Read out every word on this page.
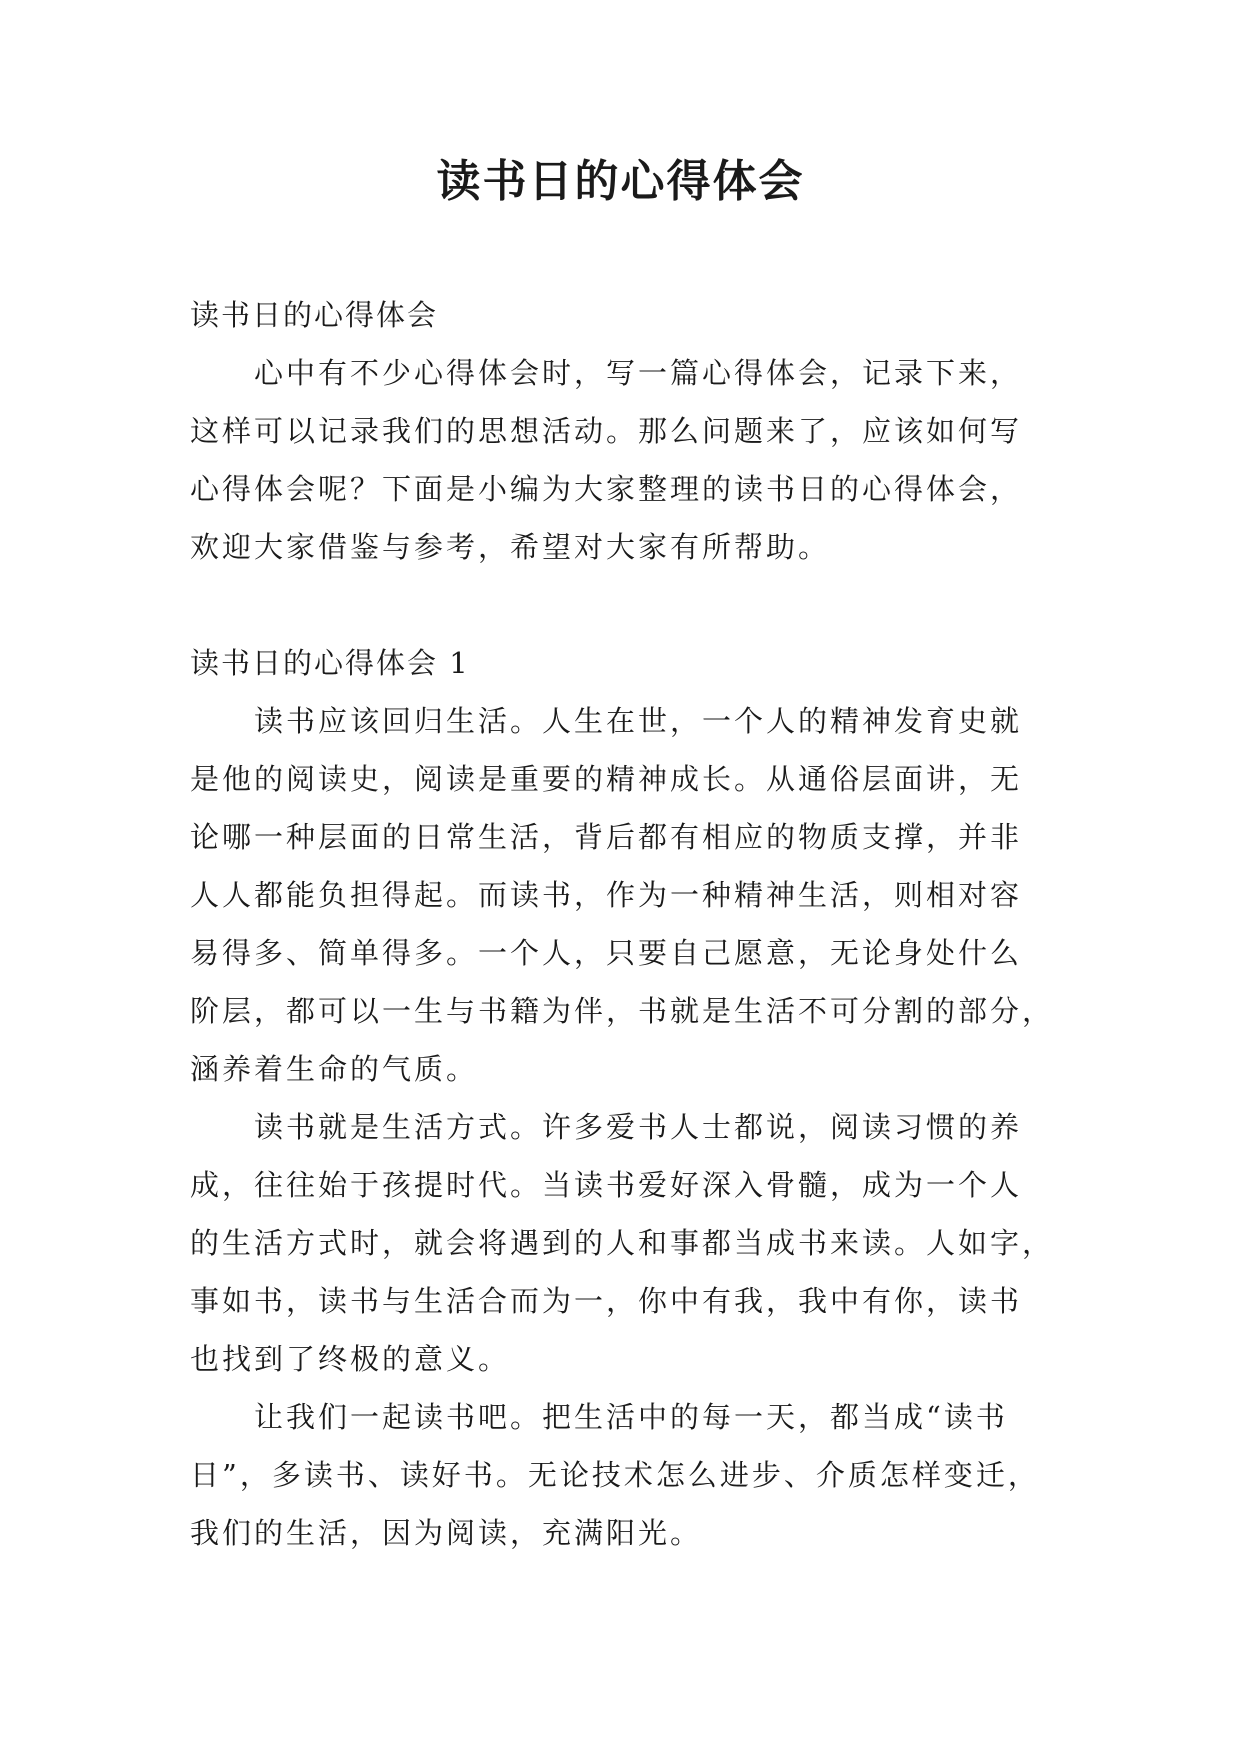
读书日的心得体会
读书日的心得体会
心中有不少心得体会时，写一篇心得体会，记录下来，
这样可以记录我们的思想活动。那么问题来了，应该如何写
心得体会呢？下面是小编为大家整理的读书日的心得体会，
欢迎大家借鉴与参考，希望对大家有所帮助。
读书日的心得体会 1
读书应该回归生活。人生在世，一个人的精神发育史就
是他的阅读史，阅读是重要的精神成长。从通俗层面讲，无
论哪一种层面的日常生活，背后都有相应的物质支撑，并非
人人都能负担得起。而读书，作为一种精神生活，则相对容
易得多、简单得多。一个人，只要自己愿意，无论身处什么
阶层，都可以一生与书籍为伴，书就是生活不可分割的部分，
涵养着生命的气质。
读书就是生活方式。许多爱书人士都说，阅读习惯的养
成，往往始于孩提时代。当读书爱好深入骨髓，成为一个人
的生活方式时，就会将遇到的人和事都当成书来读。人如字，
事如书，读书与生活合而为一，你中有我，我中有你，读书
也找到了终极的意义。
让我们一起读书吧。把生活中的每一天，都当成“读书
日”，多读书、读好书。无论技术怎么进步、介质怎样变迁，
我们的生活，因为阅读，充满阳光。
